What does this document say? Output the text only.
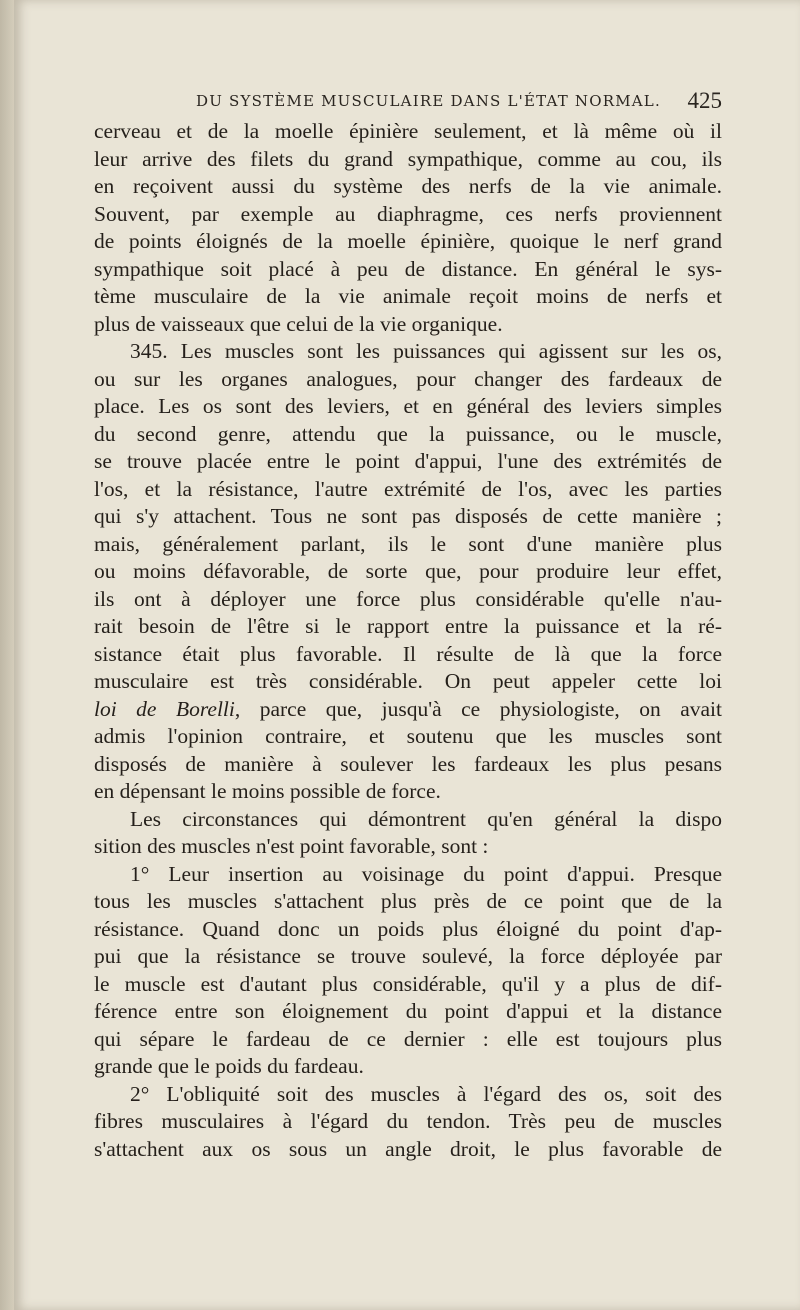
DU SYSTÈME MUSCULAIRE DANS L'ÉTAT NORMAL. 425
cerveau et de la moelle épinière seulement, et là même où il
leur arrive des filets du grand sympathique, comme au cou, ils
en reçoivent aussi du système des nerfs de la vie animale.
Souvent, par exemple au diaphragme, ces nerfs proviennent
de points éloignés de la moelle épinière, quoique le nerf grand
sympathique soit placé à peu de distance. En général le sys-
tème musculaire de la vie animale reçoit moins de nerfs et
plus de vaisseaux que celui de la vie organique.
345. Les muscles sont les puissances qui agissent sur les os,
ou sur les organes analogues, pour changer des fardeaux de
place. Les os sont des leviers, et en général des leviers simples
du second genre, attendu que la puissance, ou le muscle,
se trouve placée entre le point d'appui, l'une des extrémités de
l'os, et la résistance, l'autre extrémité de l'os, avec les parties
qui s'y attachent. Tous ne sont pas disposés de cette manière ;
mais, généralement parlant, ils le sont d'une manière plus
ou moins défavorable, de sorte que, pour produire leur effet,
ils ont à déployer une force plus considérable qu'elle n'au-
rait besoin de l'être si le rapport entre la puissance et la ré-
sistance était plus favorable. Il résulte de là que la force
musculaire est très considérable. On peut appeler cette loi
loi de Borelli, parce que, jusqu'à ce physiologiste, on avait
admis l'opinion contraire, et soutenu que les muscles sont
disposés de manière à soulever les fardeaux les plus pesans
en dépensant le moins possible de force.
Les circonstances qui démontrent qu'en général la dispo
sition des muscles n'est point favorable, sont :
1° Leur insertion au voisinage du point d'appui. Presque
tous les muscles s'attachent plus près de ce point que de la
résistance. Quand donc un poids plus éloigné du point d'ap-
pui que la résistance se trouve soulevé, la force déployée par
le muscle est d'autant plus considérable, qu'il y a plus de dif-
férence entre son éloignement du point d'appui et la distance
qui sépare le fardeau de ce dernier : elle est toujours plus
grande que le poids du fardeau.
2° L'obliquité soit des muscles à l'égard des os, soit des
fibres musculaires à l'égard du tendon. Très peu de muscles
s'attachent aux os sous un angle droit, le plus favorable de
